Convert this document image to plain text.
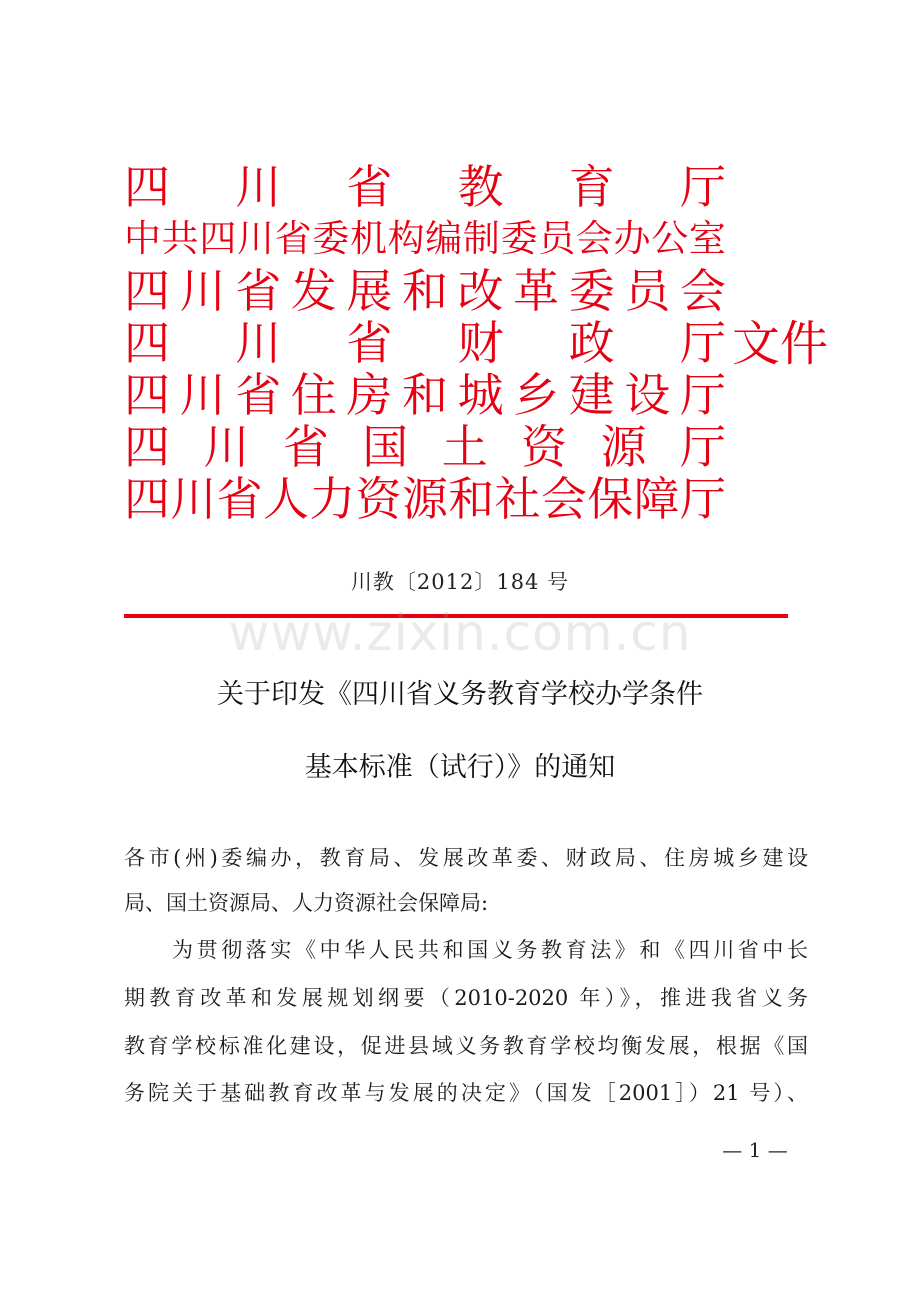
四 川 省 教 育 厅
中 共 四 川 省 委 机 构 编 制 委 员 会 办 公 室
四 川 省 发 展 和 改 革 委 员 会
四 川 省 财 政 厅
四 川 省 住 房 和 城 乡 建 设 厅
四 川 省 国 土 资 源 厅
四 川 省 人 力 资 源 和 社 会 保 障 厅
文件
川教〔2012〕184 号
www.zixin.com.cn
关于印发《四川省义务教育学校办学条件
基本标准（试行）》的通知
各市(州)委编办，教育局、发展改革委、财政局、住房城乡建设
局、国土资源局、人力资源社会保障局:
为贯彻落实《中华人民共和国义务教育法》和《四川省中长
期教育改革和发展规划纲要（2010-2020 年）》，推进我省义务
教育学校标准化建设，促进县域义务教育学校均衡发展，根据《国
务院关于基础教育改革与发展的决定》（国发［2001］）21 号）、
— 1 —
